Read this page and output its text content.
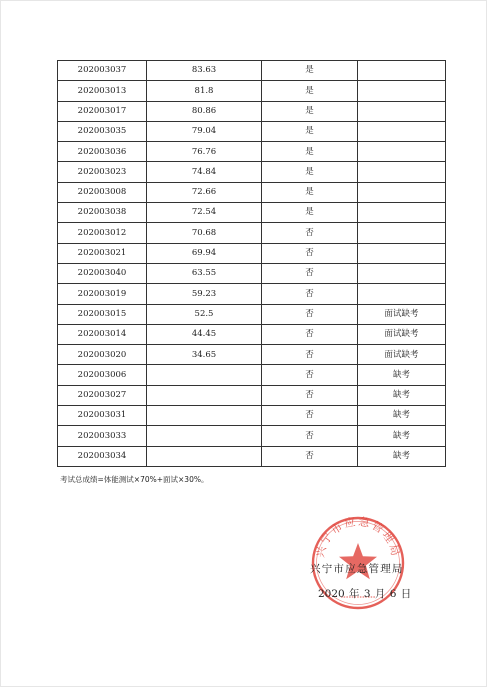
202003037	83.63	是	
202003013	81.8	是	
202003017	80.86	是	
202003035	79.04	是	
202003036	76.76	是	
202003023	74.84	是	
202003008	72.66	是	
202003038	72.54	是	
202003012	70.68	否	
202003021	69.94	否	
202003040	63.55	否	
202003019	59.23	否	
202003015	52.5	否	面试缺考
202003014	44.45	否	面试缺考
202003020	34.65	否	面试缺考
202003006		否	缺考
202003027		否	缺考
202003031		否	缺考
202003033		否	缺考
202003034		否	缺考
考试总成绩=体能测试×70%+面试×30%。
兴宁市应急管理局
兴宁市应急管理局
2020 年 3 月 6 日
